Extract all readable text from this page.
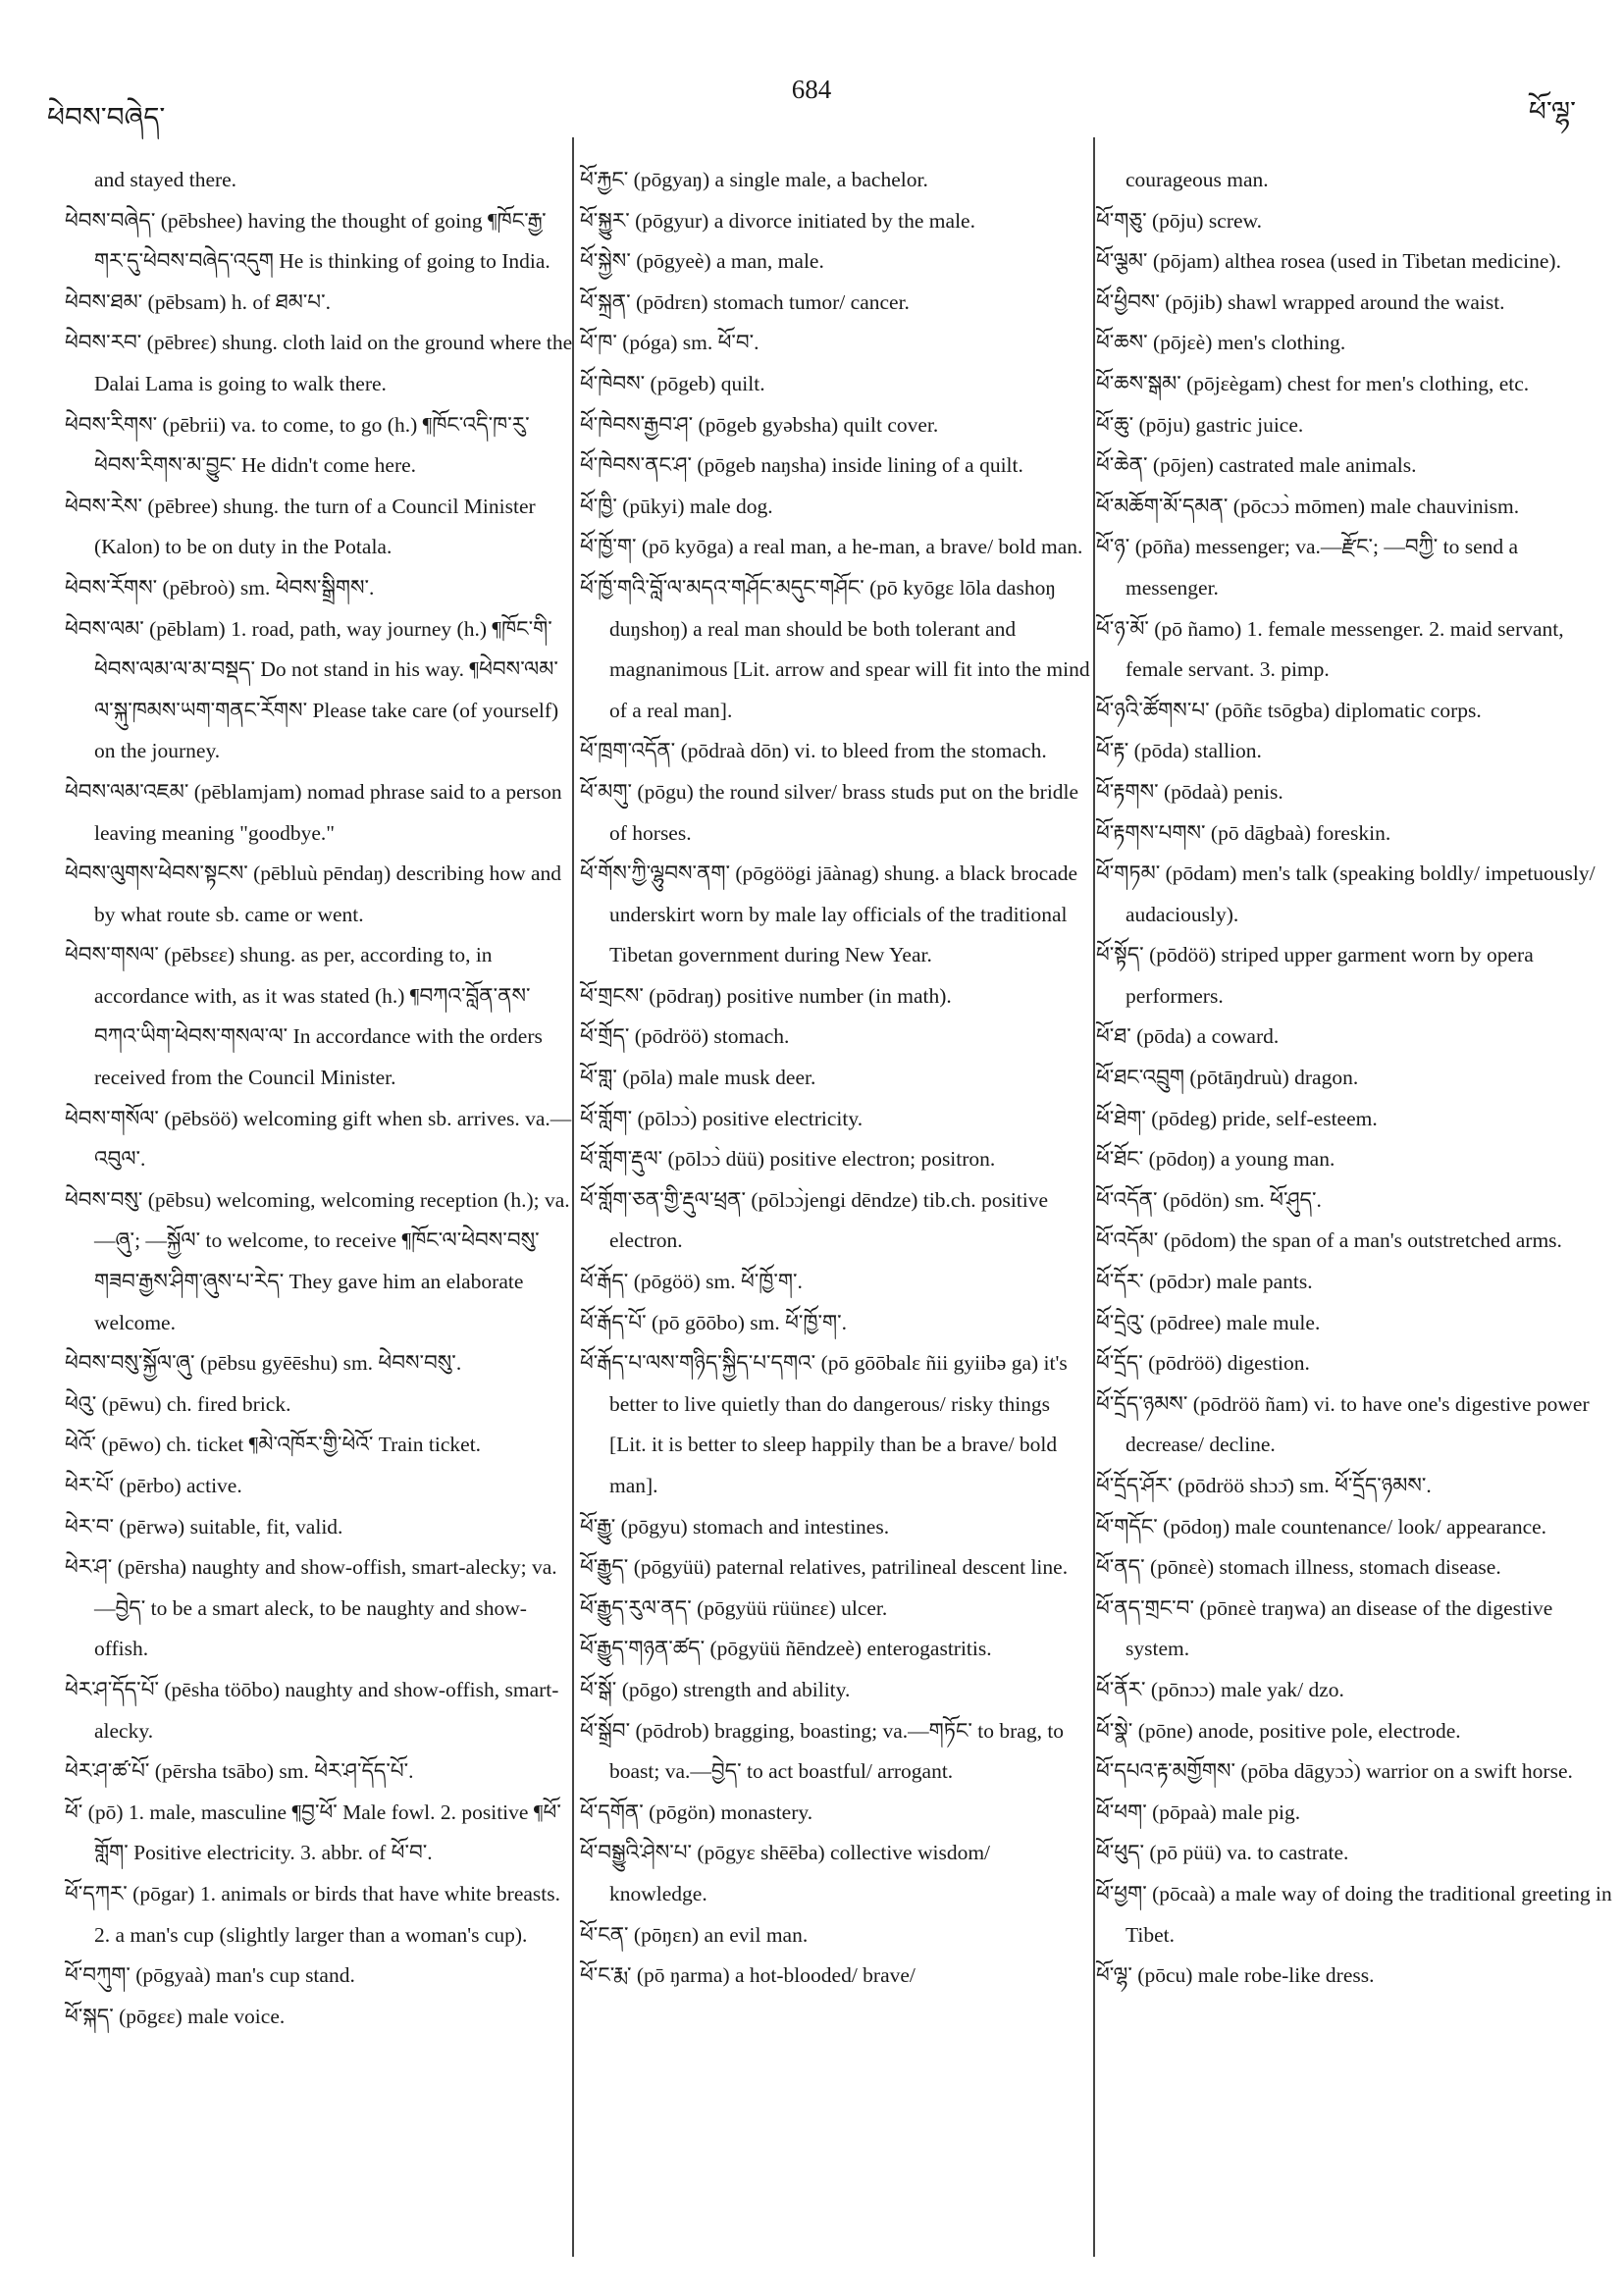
ཕེབས་བཞེད་
684
ཕོ་ལྷ་
and stayed there.
ཕེབས་བཞེད་ (pēbshee) having the thought of going ¶ཁོང་རྒྱ་གར་དུ་ཕེབས་བཞེད་འདུག He is thinking of going to India.
ཕེབས་ཐམ་ (pēbsam) h. of ཐམ་པ་.
ཕེབས་རབ་ (pēbreε) shung. cloth laid on the ground where the Dalai Lama is going to walk there.
ཕེབས་རིགས་ (pēbrii) va. to come, to go (h.) ¶ཁོང་འདི་ཁ་རུ་ཕེབས་རིགས་མ་བྱུང་ He didn't come here.
ཕེབས་རེས་ (pēbree) shung. the turn of a Council Minister (Kalon) to be on duty in the Potala.
ཕེབས་རོགས་ (pēbroò) sm. ཕེབས་སྒྲིགས་.
ཕེབས་ལམ་ (pēblam) 1. road, path, way journey (h.) ¶ཁོང་གི་ཕེབས་ལམ་ལ་མ་བསྡད་ Do not stand in his way. ¶ཕེབས་ལམ་ལ་སྐུ་ཁམས་ཡག་གནང་རོགས་ Please take care (of yourself) on the journey.
ཕེབས་ལམ་འཇམ་ (pēblamjam) nomad phrase said to a person leaving meaning "goodbye."
ཕེབས་ལུགས་ཕེབས་སྟངས་ (pēbluù pēndaŋ) describing how and by what route sb. came or went.
ཕེབས་གསལ་ (pēbsεε) shung. as per, according to, in accordance with, as it was stated (h.) ¶བཀའ་བློན་ནས་བཀའ་ཡིག་ཕེབས་གསལ་ལ་ In accordance with the orders received from the Council Minister.
ཕེབས་གསོལ་ (pēbsöö) welcoming gift when sb. arrives. va.—འབུལ་.
ཕེབས་བསུ་ (pēbsu) welcoming, welcoming reception (h.); va.—ཞུ་; —སྐྱོལ་ to welcome, to receive ¶ཁོང་ལ་ཕེབས་བསུ་གཟབ་རྒྱས་ཤིག་ཞུས་པ་རེད་ They gave him an elaborate welcome.
ཕེབས་བསུ་སྐྱོལ་ཞུ་ (pēbsu gyēēshu) sm. ཕེབས་བསུ་.
ཕེའུ་ (pēwu) ch. fired brick.
ཕེའོ་ (pēwo) ch. ticket ¶མེ་འཁོར་གྱི་ཕེའོ་ Train ticket.
ཕེར་པོ་ (pērbo) active.
ཕེར་བ་ (pērwə) suitable, fit, valid.
ཕེར་ཤ་ (pērsha) naughty and show-offish, smart-alecky; va.—བྱེད་ to be a smart aleck, to be naughty and show-offish.
ཕེར་ཤ་དོད་པོ་ (pēsha töōbo) naughty and show-offish, smart-alecky.
ཕེར་ཤ་ཚ་པོ་ (pērsha tsābo) sm. ཕེར་ཤ་དོད་པོ་.
ཕོ་ (pō) 1. male, masculine ¶བྱ་ཕོ་ Male fowl. 2. positive ¶ཕོ་གློག་ Positive electricity. 3. abbr. of ཕོ་བ་.
ཕོ་དཀར་ (pōgar) 1. animals or birds that have white breasts. 2. a man's cup (slightly larger than a woman's cup).
ཕོ་བཀུག་ (pōgyaà) man's cup stand.
ཕོ་སྐད་ (pōgεε) male voice.
ཕོ་རྐྱང་ (pōgyaŋ) a single male, a bachelor.
ཕོ་སྐྱུར་ (pōgyur) a divorce initiated by the male.
ཕོ་སྐྱེས་ (pōgyeè) a man, male.
ཕོ་སྐྲན་ (pōdrεn) stomach tumor/ cancer.
ཕོ་ཁ་ (póga) sm. ཕོ་བ་.
ཕོ་ཁེབས་ (pōgeb) quilt.
ཕོ་ཁེབས་རྒྱབ་ཤ་ (pōgeb gyəbsha) quilt cover.
ཕོ་ཁེབས་ནང་ཤ་ (pōgeb naŋsha) inside lining of a quilt.
ཕོ་ཁྱི་ (pūkyi) male dog.
ཕོ་ཁྱོ་ག་ (pō kyōga) a real man, a he-man, a brave/ bold man.
ཕོ་ཁྱོ་གའི་བློ་ལ་མདའ་གཤོང་མདུང་གཤོང་ (pō kyōgε lōla dashoŋ duŋshoŋ) a real man should be both tolerant and magnanimous [Lit. arrow and spear will fit into the mind of a real man].
ཕོ་ཁྲག་འདོན་ (pōdraà dōn) vi. to bleed from the stomach.
ཕོ་མགུ་ (pōgu) the round silver/ brass studs put on the bridle of horses.
ཕོ་གོས་ཀྱི་ལྷུབས་ནག་ (pōgöögi jāànag) shung. a black brocade underskirt worn by male lay officials of the traditional Tibetan government during New Year.
ཕོ་གྲངས་ (pōdraŋ) positive number (in math).
ཕོ་གྲོད་ (pōdröö) stomach.
ཕོ་གླ་ (pōla) male musk deer.
ཕོ་གློག་ (pōlɔɔ̀) positive electricity.
ཕོ་གློག་རྡུལ་ (pōlɔɔ̀ düü) positive electron; positron.
ཕོ་གློག་ཅན་གྱི་རྡུལ་ཕྲན་ (pōlɔɔ̀jengi dēndze) tib.ch. positive electron.
ཕོ་རྒོད་ (pōgöö) sm. ཕོ་ཁྱོ་ག་.
ཕོ་རྒོད་པོ་ (pō gōōbo) sm. ཕོ་ཁྱོ་ག་.
ཕོ་རྒོད་པ་ལས་གཉིད་སྐྱིད་པ་དགའ་ (pō gōōbalε ñii gyiibə ga) it's better to live quietly than do dangerous/ risky things [Lit. it is better to sleep happily than be a brave/ bold man].
ཕོ་རྒྱུ་ (pōgyu) stomach and intestines.
ཕོ་རྒྱུད་ (pōgyüü) paternal relatives, patrilineal descent line.
ཕོ་རྒྱུད་རུལ་ནད་ (pōgyüü rüünεε) ulcer.
ཕོ་རྒྱུད་གཉན་ཚད་ (pōgyüü ñēndzeè) enterogastritis.
ཕོ་སྒོ་ (pōgo) strength and ability.
ཕོ་སྒྲོབ་ (pōdrob) bragging, boasting; va.—གཏོང་ to brag, to boast; va.—བྱེད་ to act boastful/ arrogant.
ཕོ་དགོན་ (pōgön) monastery.
ཕོ་བསྒྱུའི་ཤེས་པ་ (pōgyε shēēba) collective wisdom/ knowledge.
ཕོ་ངན་ (pōŋεn) an evil man.
ཕོ་ང་རྨ་ (pō ŋarma) a hot-blooded/ brave/
courageous man.
ཕོ་གཅུ་ (pōju) screw.
ཕོ་ལྕམ་ (pōjam) althea rosea (used in Tibetan medicine).
ཕོ་ཕྱིབས་ (pōjib) shawl wrapped around the waist.
ཕོ་ཆས་ (pōjεè) men's clothing.
ཕོ་ཆས་སྒམ་ (pōjεègam) chest for men's clothing, etc.
ཕོ་ཆུ་ (pōju) gastric juice.
ཕོ་ཆེན་ (pōjen) castrated male animals.
ཕོ་མཆོག་མོ་དམན་ (pōcɔɔ̀ mōmen) male chauvinism.
ཕོ་ཉ་ (pōña) messenger; va.—རྫོང་; —བཀྱི་ to send a messenger.
ཕོ་ཉ་མོ་ (pō ñamo) 1. female messenger. 2. maid servant, female servant. 3. pimp.
ཕོ་ཉའི་ཚོགས་པ་ (pōñε tsōgba) diplomatic corps.
ཕོ་རྟ་ (pōda) stallion.
ཕོ་རྟགས་ (pōdaà) penis.
ཕོ་རྟགས་པགས་ (pō dāgbaà) foreskin.
ཕོ་གཏམ་ (pōdam) men's talk (speaking boldly/ impetuously/ audaciously).
ཕོ་སྟོད་ (pōdöö) striped upper garment worn by opera performers.
ཕོ་ཐ་ (pōda) a coward.
ཕོ་ཐང་འབྲུག (pōtāŋdruù) dragon.
ཕོ་ཐེག་ (pōdeg) pride, self-esteem.
ཕོ་ཐོང་ (pōdoŋ) a young man.
ཕོ་འདོན་ (pōdön) sm. ཕོ་ཤུད་.
ཕོ་འདོམ་ (pōdom) the span of a man's outstretched arms.
ཕོ་དོར་ (pōdɔr) male pants.
ཕོ་དྲེའུ་ (pōdree) male mule.
ཕོ་དྲོད་ (pōdröö) digestion.
ཕོ་དྲོད་ཉམས་ (pōdröö ñam) vi. to have one's digestive power decrease/ decline.
ཕོ་དྲོད་ཤོར་ (pōdröö shɔɔ̄) sm. ཕོ་དྲོད་ཉམས་.
ཕོ་གདོང་ (pōdoŋ) male countenance/ look/ appearance.
ཕོ་ནད་ (pōnεè) stomach illness, stomach disease.
ཕོ་ནད་གྲང་བ་ (pōnεè traŋwa) an disease of the digestive system.
ཕོ་ནོར་ (pōnɔɔ) male yak/ dzo.
ཕོ་སྣེ་ (pōne) anode, positive pole, electrode.
ཕོ་དཔའ་རྟ་མགྱོགས་ (pōba dāgyɔɔ̀) warrior on a swift horse.
ཕོ་ཕག་ (pōpaà) male pig.
ཕོ་ཕུད་ (pō püü) va. to castrate.
ཕོ་ཕྱག་ (pōcaà) a male way of doing the traditional greeting in Tibet.
ཕོ་ལྷ་ (pōcu) male robe-like dress.
